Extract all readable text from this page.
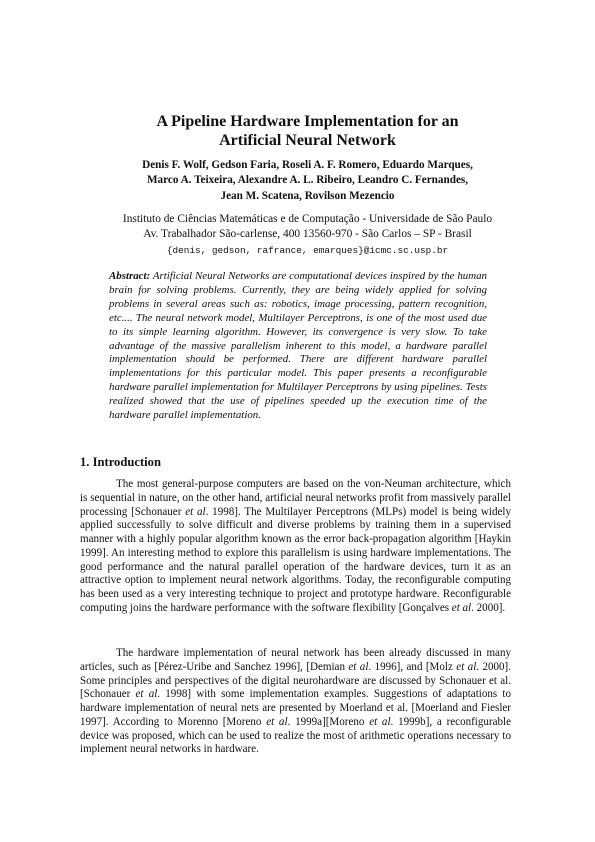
A Pipeline Hardware Implementation for an
Artificial Neural Network
Denis F. Wolf, Gedson Faria, Roseli A. F. Romero, Eduardo Marques,
Marco A. Teixeira, Alexandre A. L. Ribeiro, Leandro C. Fernandes,
Jean M. Scatena, Rovilson Mezencio
Instituto de Ciências Matemáticas e de Computação - Universidade de São Paulo
Av. Trabalhador São-carlense, 400 13560-970 - São Carlos – SP - Brasil
{denis, gedson, rafrance, emarques}@icmc.sc.usp.br
Abstract: Artificial Neural Networks are computational devices inspired by the human brain for solving problems. Currently, they are being widely applied for solving problems in several areas such as: robotics, image processing, pattern recognition, etc.... The neural network model, Multilayer Perceptrons, is one of the most used due to its simple learning algorithm. However, its convergence is very slow. To take advantage of the massive parallelism inherent to this model, a hardware parallel implementation should be performed. There are different hardware parallel implementations for this particular model. This paper presents a reconfigurable hardware parallel implementation for Multilayer Perceptrons by using pipelines. Tests realized showed that the use of pipelines speeded up the execution time of the hardware parallel implementation.
1. Introduction
The most general-purpose computers are based on the von-Neuman architecture, which is sequential in nature, on the other hand, artificial neural networks profit from massively parallel processing [Schonauer et al. 1998]. The Multilayer Perceptrons (MLPs) model is being widely applied successfully to solve difficult and diverse problems by training them in a supervised manner with a highly popular algorithm known as the error back-propagation algorithm [Haykin 1999]. An interesting method to explore this parallelism is using hardware implementations. The good performance and the natural parallel operation of the hardware devices, turn it as an attractive option to implement neural network algorithms. Today, the reconfigurable computing has been used as a very interesting technique to project and prototype hardware. Reconfigurable computing joins the hardware performance with the software flexibility [Gonçalves et al. 2000].
The hardware implementation of neural network has been already discussed in many articles, such as [Pérez-Uribe and Sanchez 1996], [Demian et al. 1996], and [Molz et al. 2000]. Some principles and perspectives of the digital neurohardware are discussed by Schonauer et al. [Schonauer et al. 1998] with some implementation examples. Suggestions of adaptations to hardware implementation of neural nets are presented by Moerland et al. [Moerland and Fiesler 1997]. According to Morenno [Moreno et al. 1999a][Moreno et al. 1999b], a reconfigurable device was proposed, which can be used to realize the most of arithmetic operations necessary to implement neural networks in hardware.
